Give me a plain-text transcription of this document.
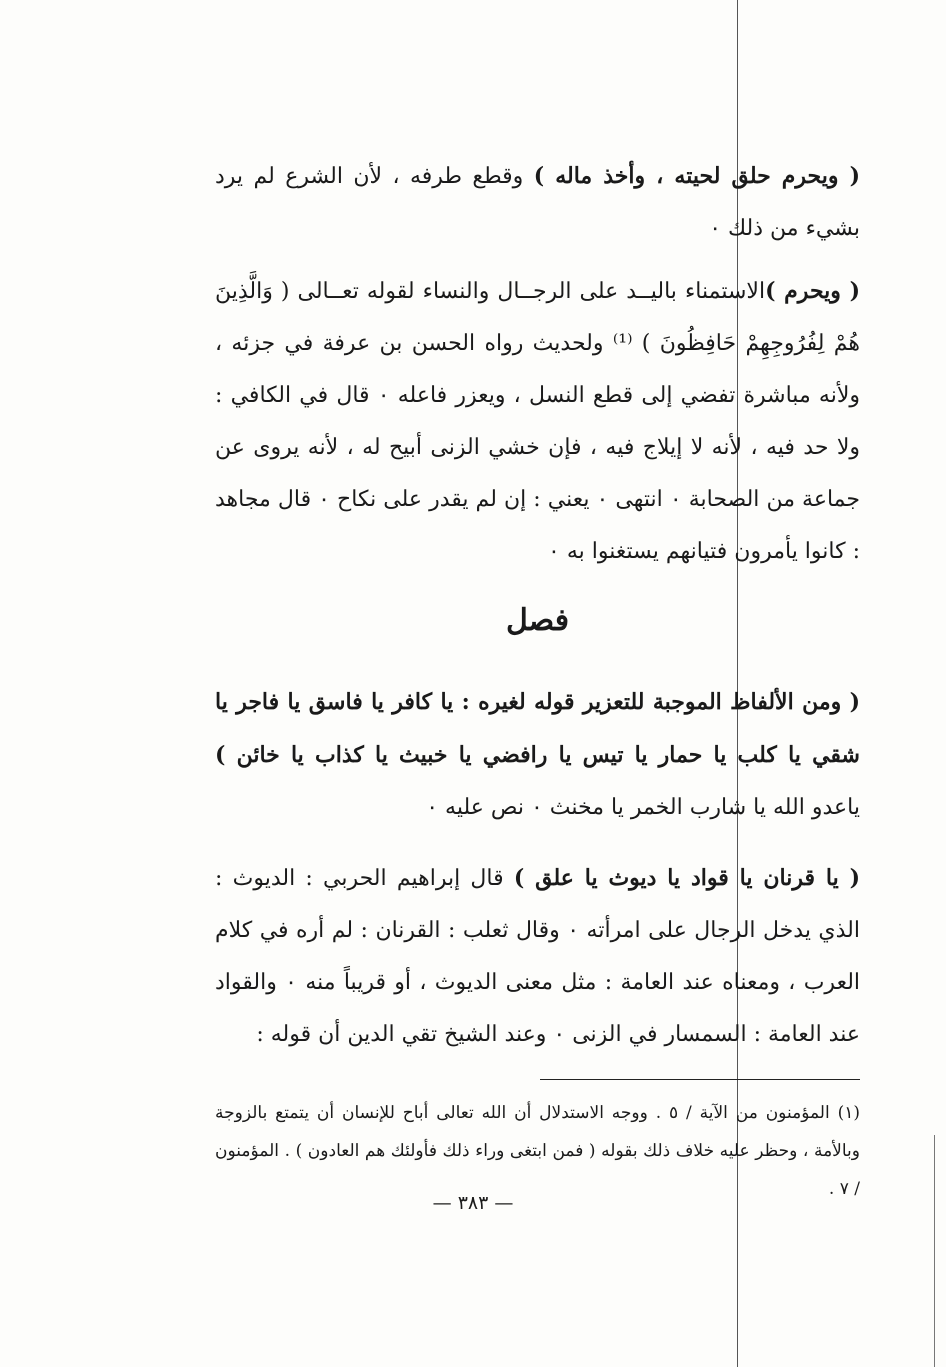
( ويحرم حلق لحيته ، وأخذ ماله ) وقطع طرفه ، لأن الشرع لم يرد بشيء من ذلك ٠

( ويحرم )الاستمناء باليــد على الرجــال والنساء لقوله تعــالى ( وَالَّذِينَ هُمْ لِفُرُوجِهِمْ حَافِظُونَ ) ⁽¹⁾ ولحديث رواه الحسن بن عرفة في جزئه ، ولأنه مباشرة تفضي إلى قطع النسل ، ويعزر فاعله ٠ قال في الكافي : ولا حد فيه ، لأنه لا إيلاج فيه ، فإن خشي الزنى أبيح له ، لأنه يروى عن جماعة من الصحابة ٠ انتهى ٠ يعني : إن لم يقدر على نكاح ٠ قال مجاهد : كانوا يأمرون فتيانهم يستغنوا به ٠

فصل

( ومن الألفاظ الموجبة للتعزير قوله لغيره : يا كافر يا فاسق يا فاجر يا شقي يا كلب يا حمار يا تيس يا رافضي يا خبيث يا كذاب يا خائن ) ياعدو الله يا شارب الخمر يا مخنث ٠ نص عليه ٠

( يا قرنان يا قواد يا ديوث يا علق ) قال إبراهيم الحربي : الديوث : الذي يدخل الرجال على امرأته ٠ وقال ثعلب : القرنان : لم أره في كلام العرب ، ومعناه عند العامة : مثل معنى الديوث ، أو قريباً منه ٠ والقواد عند العامة : السمسار في الزنى ٠ وعند الشيخ تقي الدين أن قوله :

(١) المؤمنون من الآية / ٥ . ووجه الاستدلال أن الله تعالى أباح للإنسان أن يتمتع بالزوجة وبالأمة ، وحظر عليه خلاف ذلك بقوله ( فمن ابتغى وراء ذلك فأولئك هم العادون ) . المؤمنون / ٧ .
— ٣٨٣ —
